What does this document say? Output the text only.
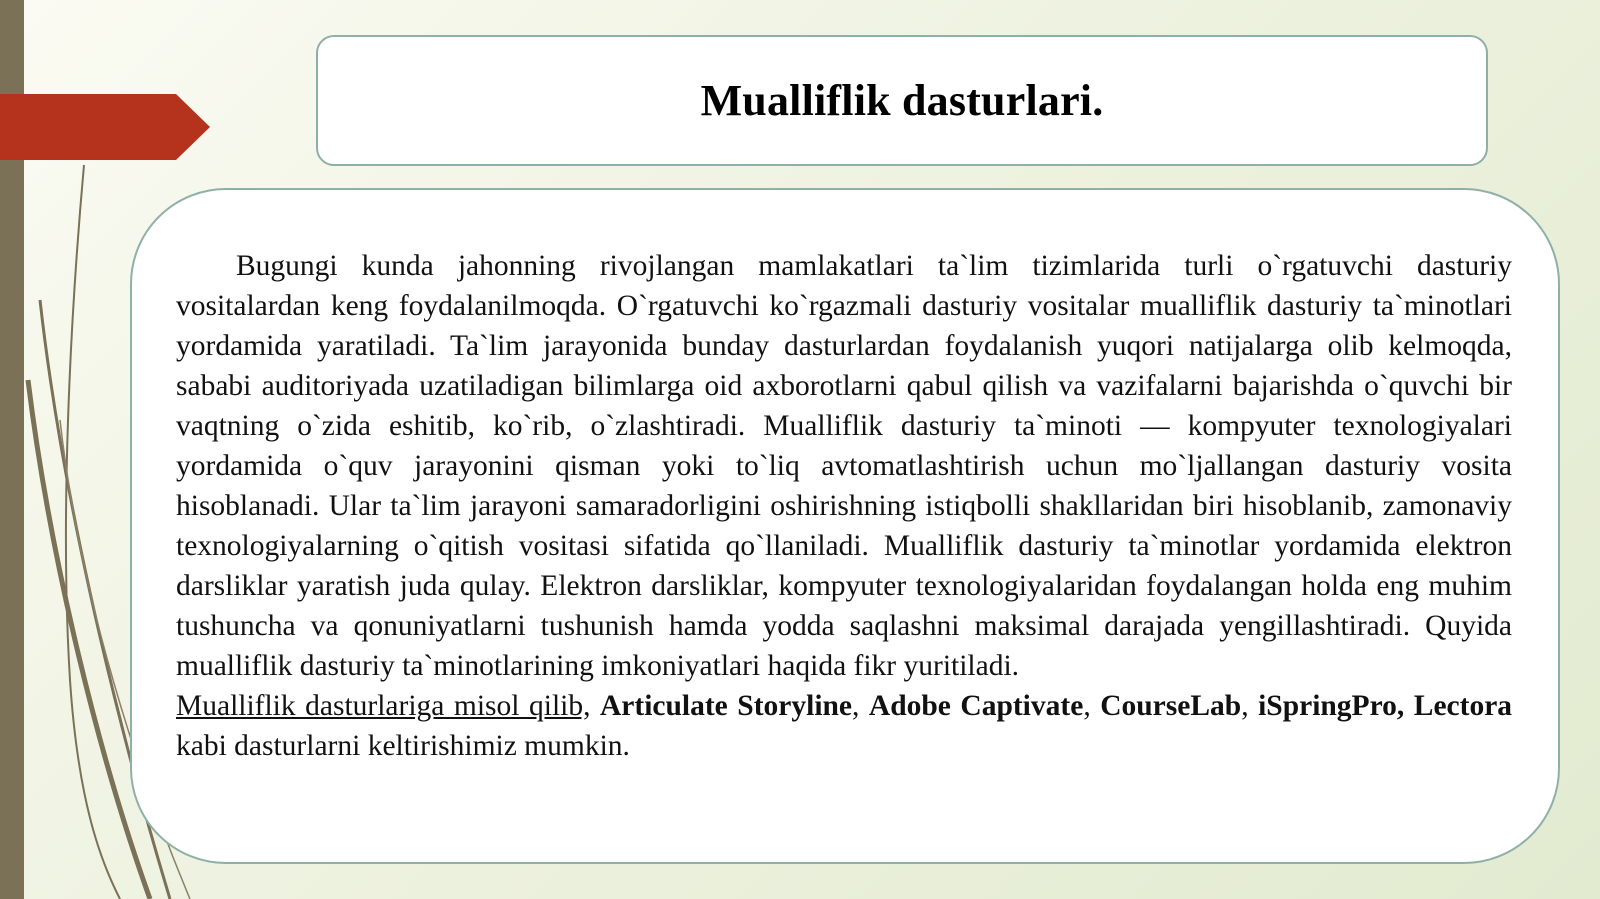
Mualliflik dasturlari.

Bugungi kunda jahonning rivojlangan mamlakatlari ta`lim tizimlarida turli o`rgatuvchi dasturiy vositalardan keng foydalanilmoqda. O`rgatuvchi ko`rgazmali dasturiy vositalar mualliflik dasturiy ta`minotlari yordamida yaratiladi. Ta`lim jarayonida bunday dasturlardan foydalanish yuqori natijalarga olib kelmoqda, sababi auditoriyada uzatiladigan bilimlarga oid axborotlarni qabul qilish va vazifalarni bajarishda o`quvchi bir vaqtning o`zida eshitib, ko`rib, o`zlashtiradi. Mualliflik dasturiy ta`minoti — kompyuter texnologiyalari yordamida o`quv jarayonini qisman yoki to`liq avtomatlashtirish uchun mo`ljallangan dasturiy vosita hisoblanadi. Ular ta`lim jarayoni samaradorligini oshirishning istiqbolli shakllaridan biri hisoblanib, zamonaviy texnologiyalarning o`qitish vositasi sifatida qo`llaniladi. Mualliflik dasturiy ta`minotlar yordamida elektron darsliklar yaratish juda qulay. Elektron darsliklar, kompyuter texnologiyalaridan foydalangan holda eng muhim tushuncha va qonuniyatlarni tushunish hamda yodda saqlashni maksimal darajada yengillashtiradi. Quyida mualliflik dasturiy ta`minotlarining imkoniyatlari haqida fikr yuritiladi.

Mualliflik dasturlariga misol qilib, Articulate Storyline, Adobe Captivate, CourseLab, iSpringPro, Lectora kabi dasturlarni keltirishimiz mumkin.
